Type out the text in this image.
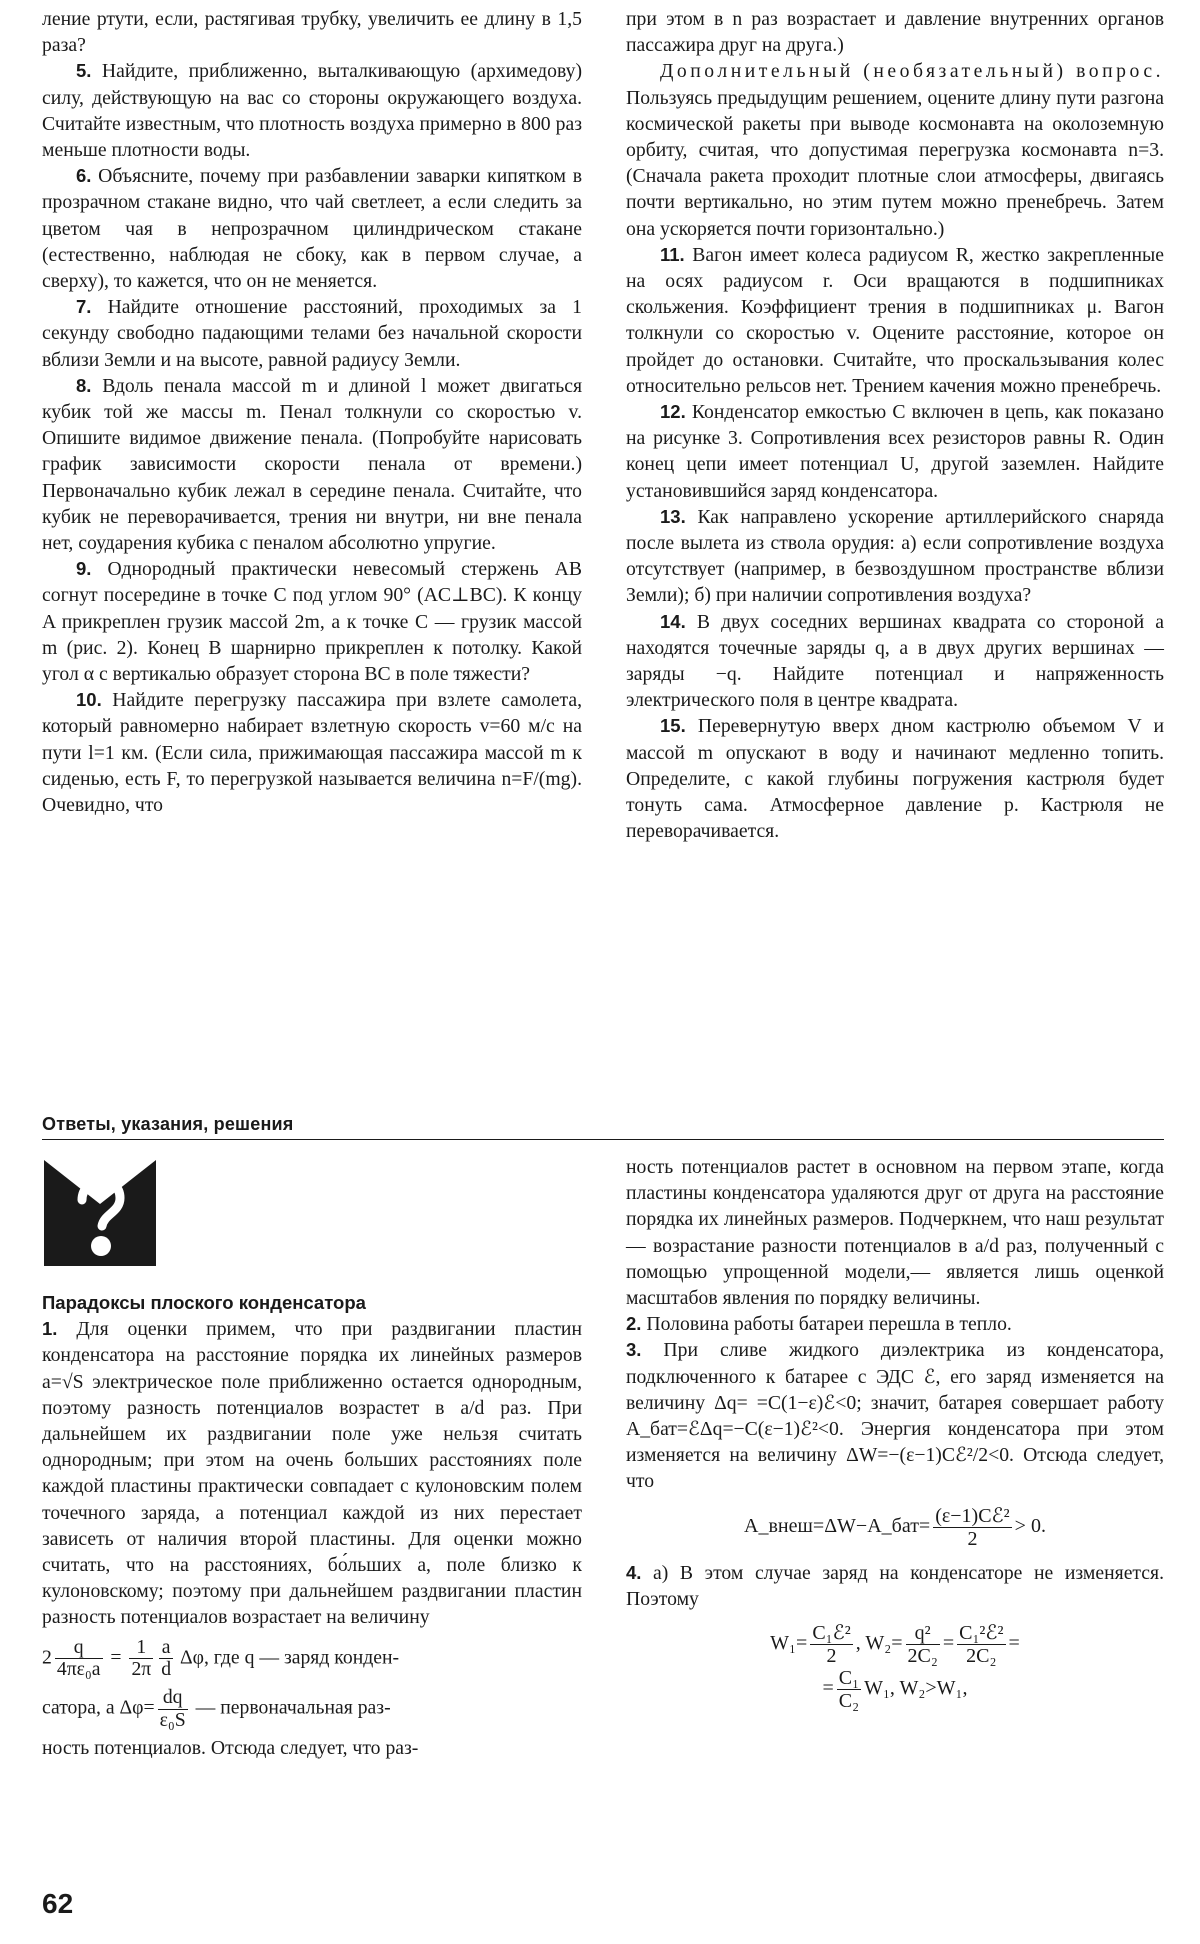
ление ртути, если, растягивая трубку, увеличить ее длину в 1,5 раза?

5. Найдите, приближенно, выталкивающую (архимедову) силу, действующую на вас со стороны окружающего воздуха. Считайте известным, что плотность воздуха примерно в 800 раз меньше плотности воды.

6. Объясните, почему при разбавлении заварки кипятком в прозрачном стакане видно, что чай светлеет, а если следить за цветом чая в непрозрачном цилиндрическом стакане (естественно, наблюдая не сбоку, как в первом случае, а сверху), то кажется, что он не меняется.

7. Найдите отношение расстояний, проходимых за 1 секунду свободно падающими телами без начальной скорости вблизи Земли и на высоте, равной радиусу Земли.

8. Вдоль пенала массой m и длиной l может двигаться кубик той же массы m. Пенал толкнули со скоростью v. Опишите видимое движение пенала. (Попробуйте нарисовать график зависимости скорости пенала от времени.) Первоначально кубик лежал в середине пенала. Считайте, что кубик не переворачивается, трения ни внутри, ни вне пенала нет, соударения кубика с пеналом абсолютно упругие.

9. Однородный практически невесомый стержень AB согнут посередине в точке C под углом 90° (AC⊥BC). К концу A прикреплен грузик массой 2m, а к точке C — грузик массой m (рис. 2). Конец B шарнирно прикреплен к потолку. Какой угол α с вертикалью образует сторона BC в поле тяжести?

10. Найдите перегрузку пассажира при взлете самолета, который равномерно набирает взлетную скорость v=60 м/с на пути l=1 км. (Если сила, прижимающая пассажира массой m к сиденью, есть F, то перегрузкой называется величина n=F/(mg). Очевидно, что

при этом в n раз возрастает и давление внутренних органов пассажира друг на друга.)

Дополнительный (необязательный) вопрос. Пользуясь предыдущим решением, оцените длину пути разгона космической ракеты при выводе космонавта на околоземную орбиту, считая, что допустимая перегрузка космонавта n=3. (Сначала ракета проходит плотные слои атмосферы, двигаясь почти вертикально, но этим путем можно пренебречь. Затем она ускоряется почти горизонтально.)

11. Вагон имеет колеса радиусом R, жестко закрепленные на осях радиусом r. Оси вращаются в подшипниках скольжения. Коэффициент трения в подшипниках μ. Вагон толкнули со скоростью v. Оцените расстояние, которое он пройдет до остановки. Считайте, что проскальзывания колес относительно рельсов нет. Трением качения можно пренебречь.

12. Конденсатор емкостью C включен в цепь, как показано на рисунке 3. Сопротивления всех резисторов равны R. Один конец цепи имеет потенциал U, другой заземлен. Найдите установившийся заряд конденсатора.

13. Как направлено ускорение артиллерийского снаряда после вылета из ствола орудия: а) если сопротивление воздуха отсутствует (например, в безвоздушном пространстве вблизи Земли); б) при наличии сопротивления воздуха?

14. В двух соседних вершинах квадрата со стороной a находятся точечные заряды q, а в двух других вершинах — заряды −q. Найдите потенциал и напряженность электрического поля в центре квадрата.

15. Перевернутую вверх дном кастрюлю объемом V и массой m опускают в воду и начинают медленно топить. Определите, с какой глубины погружения кастрюля будет тонуть сама. Атмосферное давление p. Кастрюля не переворачивается.

Ответы, указания, решения

Парадоксы плоского конденсатора

1. Для оценки примем, что при раздвигании пластин конденсатора на расстояние порядка их линейных размеров a=√S электрическое поле приближенно остается однородным, поэтому разность потенциалов возрастет в a/d раз. При дальнейшем их раздвигании поле уже нельзя считать однородным; при этом на очень больших расстояниях поле каждой пластины практически совпадает с кулоновским полем точечного заряда, а потенциал каждой из них перестает зависеть от наличия второй пластины. Для оценки можно считать, что на расстояниях, бо́льших a, поле близко к кулоновскому; поэтому при дальнейшем раздвигании пластин разность потенциалов возрастает на величину

$2 \frac{q}{\text{4πε₀a}} = \frac{1}{2\pi} \frac{a}{d} \Delta\varphi$, где q — заряд конден-
сатора, а $\Delta\varphi= \frac{dq}{\text{ε₀S}}$ — первоначальная раз-

ность потенциалов. Отсюда следует, что раз-

ность потенциалов растет в основном на первом этапе, когда пластины конденсатора удаляются друг от друга на расстояние порядка их линейных размеров. Подчеркнем, что наш результат — возрастание разности потенциалов в a/d раз, полученный с помощью упрощенной модели,— является лишь оценкой масштабов явления по порядку величины.

2. Половина работы батареи перешла в тепло.

3. При сливе жидкого диэлектрика из конденсатора, подключенного к батарее с ЭДС ℰ, его заряд изменяется на величину Δq= =C(1−ε)ℰ<0; значит, батарея совершает работу A_бат=ℰΔq=−C(ε−1)ℰ²<0. Энергия конденсатора при этом изменяется на величину ΔW=−(ε−1)Cℰ²/2<0. Отсюда следует, что

A_внеш=ΔW−A_бат= $\frac{\text{(ε−1)Cℰ²}}{2} > 0$.

4. а) В этом случае заряд на конденсаторе не изменяется. Поэтому

$W_1= \frac{\text{C₁ℰ²}}{2}$ , $W_2= \frac{\text{q²}}{\text{2C₂}} = \frac{\text{C₁²ℰ²}}{\text{2C₂}}$ =
= $\frac{\text{C₁}}{\text{C₂}} W_1$, W₂>W₁,

62
